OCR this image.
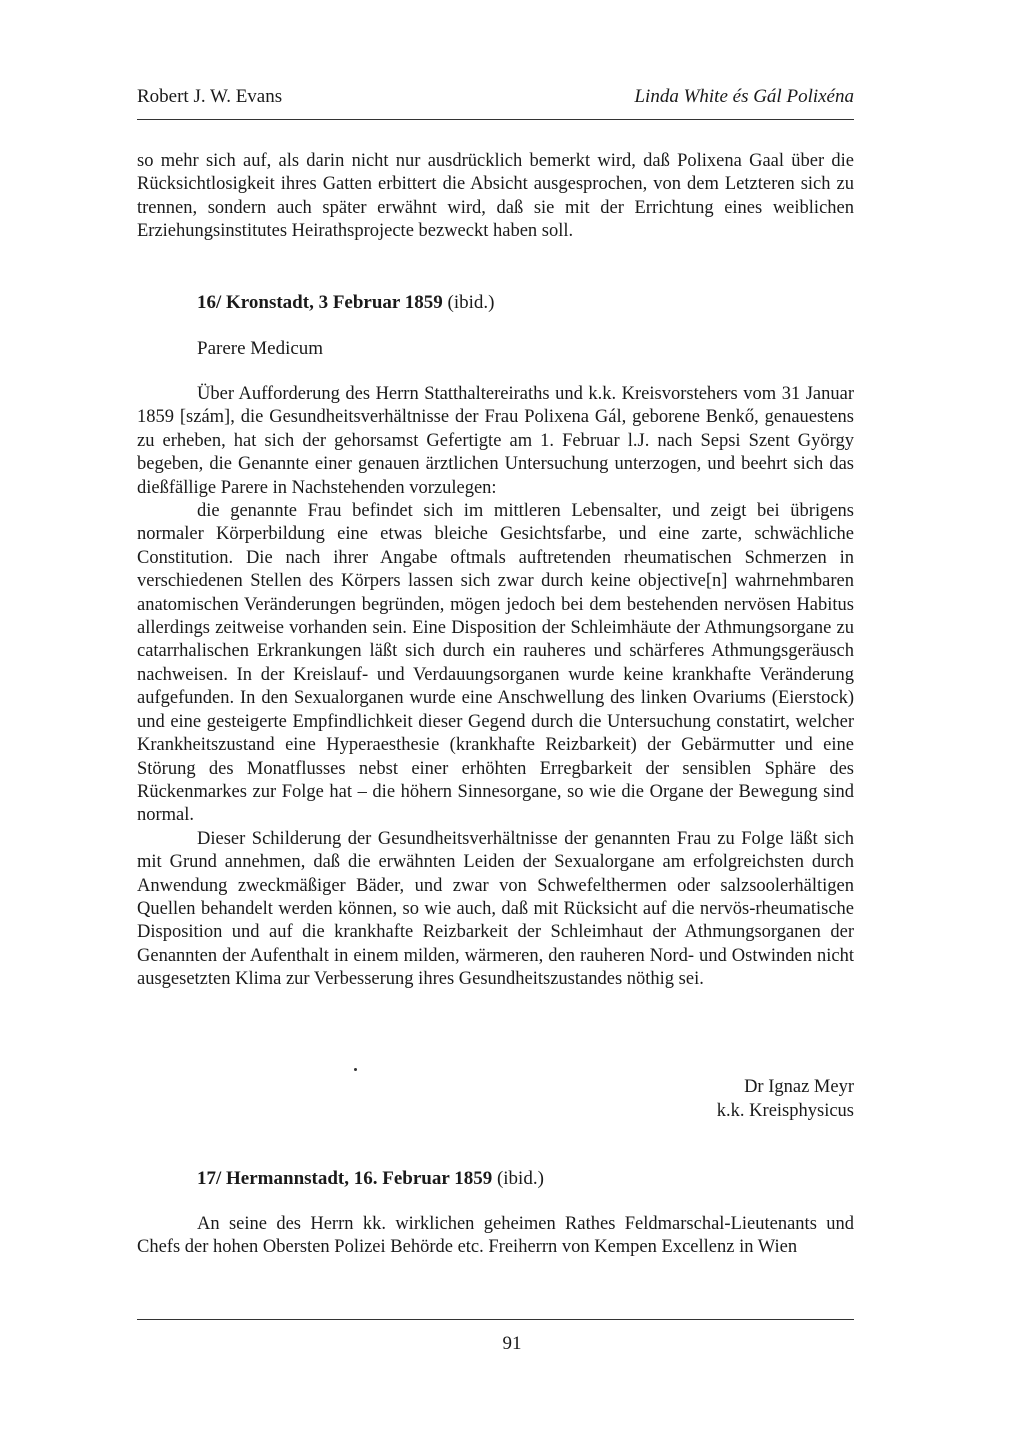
Robert J. W. Evans	Linda White és Gál Polixéna

so mehr sich auf, als darin nicht nur ausdrücklich bemerkt wird, daß Polixena Gaal über die Rücksichtlosigkeit ihres Gatten erbittert die Absicht ausgesprochen, von dem Letzteren sich zu trennen, sondern auch später erwähnt wird, daß sie mit der Errichtung eines weiblichen Erziehungsinstitutes Heirathsprojecte bezweckt haben soll.

16/ Kronstadt, 3 Februar 1859 (ibid.)
Parere Medicum

Über Aufforderung des Herrn Statthaltereiraths und k.k. Kreisvorstehers vom 31 Januar 1859 [szám], die Gesundheitsverhältnisse der Frau Polixena Gál, geborene Benkő, genauestens zu erheben, hat sich der gehorsamst Gefertigte am 1. Februar l.J. nach Sepsi Szent György begeben, die Genannte einer genauen ärztlichen Untersuchung unterzogen, und beehrt sich das dießfällige Parere in Nachstehenden vorzulegen:

die genannte Frau befindet sich im mittleren Lebensalter, und zeigt bei übrigens normaler Körperbildung eine etwas bleiche Gesichtsfarbe, und eine zarte, schwächliche Constitution. Die nach ihrer Angabe oftmals auftretenden rheumatischen Schmerzen in verschiedenen Stellen des Körpers lassen sich zwar durch keine objective[n] wahrnehmbaren anatomischen Veränderungen begründen, mögen jedoch bei dem bestehenden nervösen Habitus allerdings zeitweise vorhanden sein. Eine Disposition der Schleimhäute der Athmungsorgane zu catarrhalischen Erkrankungen läßt sich durch ein rauheres und schärferes Athmungsgeräusch nachweisen. In der Kreislauf- und Verdauungsorganen wurde keine krankhafte Veränderung aufgefunden. In den Sexualorganen wurde eine Anschwellung des linken Ovariums (Eierstock) und eine gesteigerte Empfindlichkeit dieser Gegend durch die Untersuchung constatirt, welcher Krankheitszustand eine Hyperaesthesie (krankhafte Reizbarkeit) der Gebärmutter und eine Störung des Monatflusses nebst einer erhöhten Erregbarkeit der sensiblen Sphäre des Rückenmarkes zur Folge hat – die höhern Sinnesorgane, so wie die Organe der Bewegung sind normal.

Dieser Schilderung der Gesundheitsverhältnisse der genannten Frau zu Folge läßt sich mit Grund annehmen, daß die erwähnten Leiden der Sexualorgane am erfolgreichsten durch Anwendung zweckmäßiger Bäder, und zwar von Schwefelthermen oder salzsoolerhältigen Quellen behandelt werden können, so wie auch, daß mit Rücksicht auf die nervös-rheumatische Disposition und auf die krankhafte Reizbarkeit der Schleimhaut der Athmungsorganen der Genannten der Aufenthalt in einem milden, wärmeren, den rauheren Nord- und Ostwinden nicht ausgesetzten Klima zur Verbesserung ihres Gesundheitszustandes nöthig sei.

Dr Ignaz Meyr
k.k. Kreisphysicus
17/ Hermannstadt, 16. Februar 1859 (ibid.)

An seine des Herrn kk. wirklichen geheimen Rathes Feldmarschal-Lieutenants und Chefs der hohen Obersten Polizei Behörde etc. Freiherrn von Kempen Excellenz in Wien

91
